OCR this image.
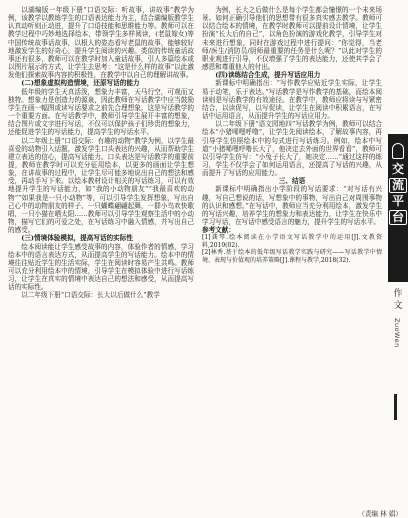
以湖编版一年级下册“口语交际：听故事，讲故事”教学为例，该教学以教练学生的口语表达能力为主，结合湖编版教学生认真动听则正动进，提升了口语技能和思维能力等。教师可以在教学过程中巧妙地选择绘本，带领学生多样阅读，(老鼠嫁女)等中国传统故事话故事，以根人的姿态看写老鼠的故事，能够较好地激发学生的好奇心，提升学生阅读的兴趣。类似的传统童话故事还有很多，教师可以在教学时加入童话故事，引人多篇绘本或以图片展示的方式，让学生去思考：“这是什么样的故事”以此激发他们探索故事内容的积极性，在教学中以自己的理解讲故事。

(二)想象虚拟构造情境，还原写话的能力

低年级的学生天真活泼，想象力丰富，天马行空，可观而又独特。想象力是创造力的源泉，因此教师在写话教学中应当鼓励学生在画一幅图或读写话要求之前先合理想象，这是写话教学的一个重要方面。在写话教学中，教师引导学生展开丰富的想象，结合图片或文字进行写话，不仅可以保护孩子们珍贵的想象力，还能促进学生的写话能力，提高学生的写话水平。

以二年级上册“口语交际：有趣的动物”教学为例，以学生最喜爱的动物引入话题，激发学生口头表达的兴趣，从而帮助学生建立表达的信心，提高写话能力。口头表达是写话教学的重要前提，教师在教学时可以充分征用绘本，以更多的画面让学生想象，在讲故事的过程中，让学生尽可能多地说出自己的想法和感受，再动手写下来。以绘本教材设计相关的写话练习，可以有效地提升学生的写话能力，如“我的小动物朋友”“我最喜欢的动物”“如果我是一只小动物”等，可以引导学生发挥想象，写出自己心中的动物朋友的样子。一只蝴蝶翩翩起舞，一群小鸟欢快歌唱，一只小猫在晒太阳……教师可以引导学生观察生活中的小动物，描写它们的可爱之处，在写话练习中融入情感，并写出自己的感受。

(三)情境体验模拟，提高写话的实际性

绘本阅读能让学生感受故事的内容，体验作者的情感，学习绘本中的语言表达方式，从而提高学生的写话能力。绘本中的情境往往贴近学生的生活实际，学生在阅读时容易产生共鸣。教师可以充分利用绘本中的情境，引导学生在模拟体验中进行写话练习，让学生在真实的情境中表达自己的想法和感受，从而提高写话的实际性。

以二年级下册“口语交际：长大以后做什么”教学

为例，长大之后做什么是每个学生都会憧憬的一个未来场景。如何正确引导他们的思想带有很多真实感去教学。教师可以结合绘本的情境，在教学时教师可以提前设计情境，让学生扮演“长大后的自己”，以角色扮演的游戏化教学，引导学生对未来进行想象，同时在游戏过程中进行提问：“你觉得，当老师/医生/消防员/厨师最重要的任务是什么呢？”以此对学生的职业观进行引导，不仅增强了学生的表达能力，还使其学会了感恩和尊重他人的付出。

(四)读练结合生成，提升写话应用力

新课标中明确指出：“写作教学应贴近学生实际，让学生易于动笔，乐于表达。”写话教学是写作教学的基础，而绘本阅读则是写话教学的有效途径。在教学中，教师应将读与写紧密结合，以读促写，以写促读，让学生在阅读中积累语言，在写话中运用语言，从而提升学生的写话应用力。

以二年级下册“语文园地四”写话教学为例，教师可以结合绘本“小猪唏哩呼噜”，让学生先阅读绘本，了解故事内容，再引导学生仿照绘本中的句式进行写话练习。例如，绘本中写道“小猪唏哩呼噜长大了，他决定去外面的世界看看”，教师可以引导学生仿写：“小兔子长大了，她决定……”通过这样的练习，学生不仅学会了如何运用语言，还提高了写话的兴趣，从而提升了写话的应用能力。

三、结语

新课标中明确指出小学阶段的写话要求：“对写话有兴趣，写自己想说的话，写想象中的事物，写出自己对周围事物的认识和感想。”在写话中，教师应当充分利用绘本，激发学生的写话兴趣，培养学生的想象力和表达能力，让学生在快乐中学习写话，在写话中感受语言的魅力，提升学生的写话水平。

参考文献：

[1]龚琴.绘本阅读在小学语文写话教学中的运用[J].文教资料,2019(02).

[2]林秀.基于绘本的低年级写话教学实践与研究——写话教学中情境、表现与价值观的培养策略[J].课程与教学,2018(32).

（责编 林 娟）
交
流
平
台
作
文
ZuoWen
